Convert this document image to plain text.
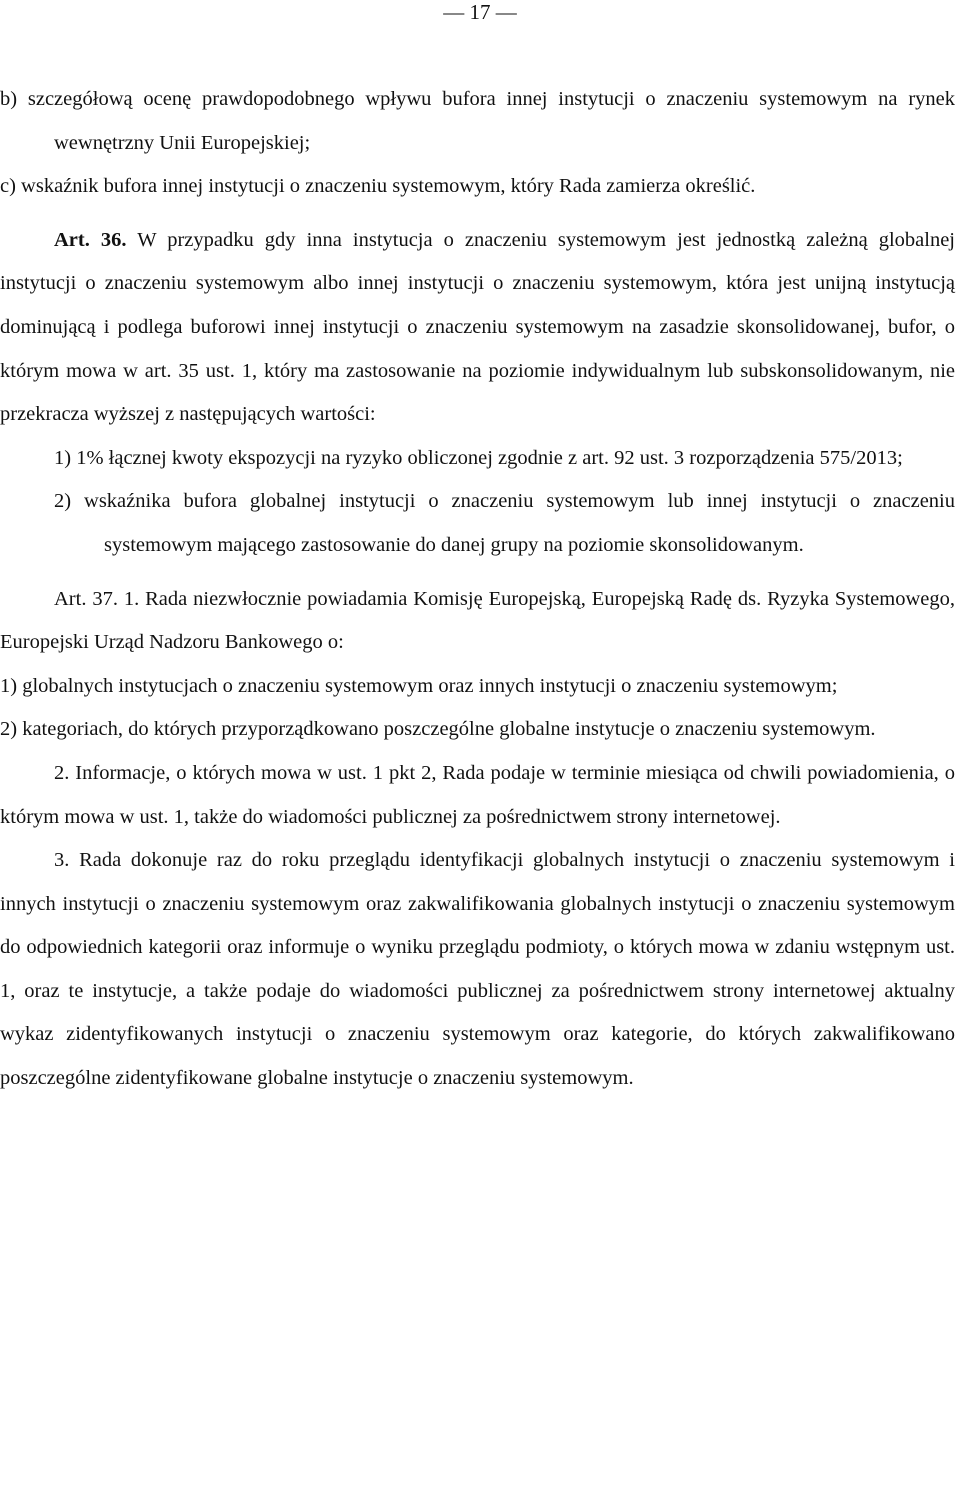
— 17 —

b) szczegółową ocenę prawdopodobnego wpływu bufora innej instytucji o znaczeniu systemowym na rynek wewnętrzny Unii Europejskiej;

c) wskaźnik bufora innej instytucji o znaczeniu systemowym, który Rada zamierza określić.

Art. 36. W przypadku gdy inna instytucja o znaczeniu systemowym jest jednostką zależną globalnej instytucji o znaczeniu systemowym albo innej instytucji o znaczeniu systemowym, która jest unijną instytucją dominującą i podlega buforowi innej instytucji o znaczeniu systemowym na zasadzie skonsolidowanej, bufor, o którym mowa w art. 35 ust. 1, który ma zastosowanie na poziomie indywidualnym lub subskonsolidowanym, nie przekracza wyższej z następujących wartości:

1) 1% łącznej kwoty ekspozycji na ryzyko obliczonej zgodnie z art. 92 ust. 3 rozporządzenia 575/2013;

2) wskaźnika bufora globalnej instytucji o znaczeniu systemowym lub innej instytucji o znaczeniu systemowym mającego zastosowanie do danej grupy na poziomie skonsolidowanym.

Art. 37. 1. Rada niezwłocznie powiadamia Komisję Europejską, Europejską Radę ds. Ryzyka Systemowego, Europejski Urząd Nadzoru Bankowego o:

1) globalnych instytucjach o znaczeniu systemowym oraz innych instytucji o znaczeniu systemowym;

2) kategoriach, do których przyporządkowano poszczególne globalne instytucje o znaczeniu systemowym.

2. Informacje, o których mowa w ust. 1 pkt 2, Rada podaje w terminie miesiąca od chwili powiadomienia, o którym mowa w ust. 1, także do wiadomości publicznej za pośrednictwem strony internetowej.

3. Rada dokonuje raz do roku przeglądu identyfikacji globalnych instytucji o znaczeniu systemowym i innych instytucji o znaczeniu systemowym oraz zakwalifikowania globalnych instytucji o znaczeniu systemowym do odpowiednich kategorii oraz informuje o wyniku przeglądu podmioty, o których mowa w zdaniu wstępnym ust. 1, oraz te instytucje, a także podaje do wiadomości publicznej za pośrednictwem strony internetowej aktualny wykaz zidentyfikowanych instytucji o znaczeniu systemowym oraz kategorie, do których zakwalifikowano poszczególne zidentyfikowane globalne instytucje o znaczeniu systemowym.
